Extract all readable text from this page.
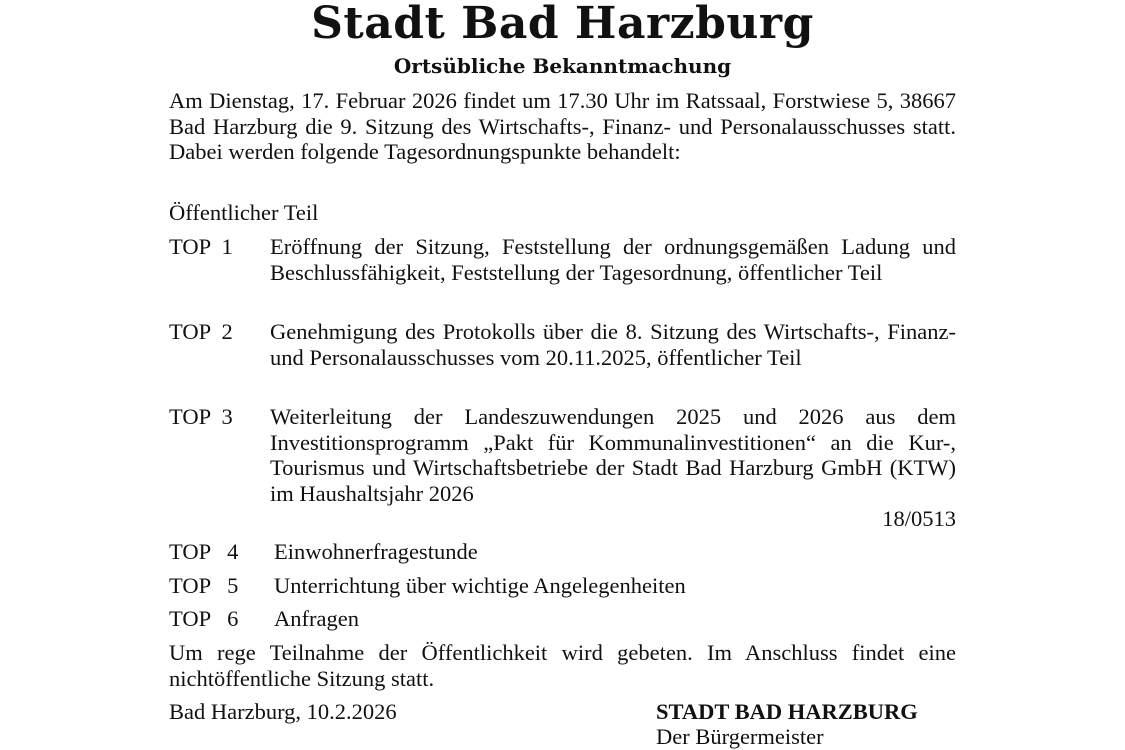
Stadt Bad Harzburg
Ortsübliche Bekanntmachung
Am Dienstag, 17. Februar 2026 findet um 17.30 Uhr im Ratssaal, Forstwiese 5, 38667 Bad Harzburg die 9. Sitzung des Wirtschafts-, Finanz- und Personalausschusses statt. Dabei werden folgende Tagesordnungspunkte behandelt:
Öffentlicher Teil
TOP  1 Eröffnung der Sitzung, Feststellung der ordnungsgemäßen Ladung und Beschlussfähigkeit, Feststellung der Tagesordnung, öffentlicher Teil
TOP  2 Genehmigung des Protokolls über die 8. Sitzung des Wirtschafts-, Finanz- und Personalausschusses vom 20.11.2025, öffentlicher Teil
TOP  3 Weiterleitung der Landeszuwendungen 2025 und 2026 aus dem Investitionsprogramm „Pakt für Kommunalinvestitionen“ an die Kur-, Tourismus und Wirtschaftsbetriebe der Stadt Bad Harzburg GmbH (KTW) im Haushaltsjahr 2026
18/0513
TOP   4 Einwohnerfragestunde
TOP   5 Unterrichtung über wichtige Angelegenheiten
TOP   6 Anfragen
Um rege Teilnahme der Öffentlichkeit wird gebeten. Im Anschluss findet eine nichtöffentliche Sitzung statt.
Bad Harzburg, 10.2.2026	STADT BAD HARZBURG
Der Bürgermeister
